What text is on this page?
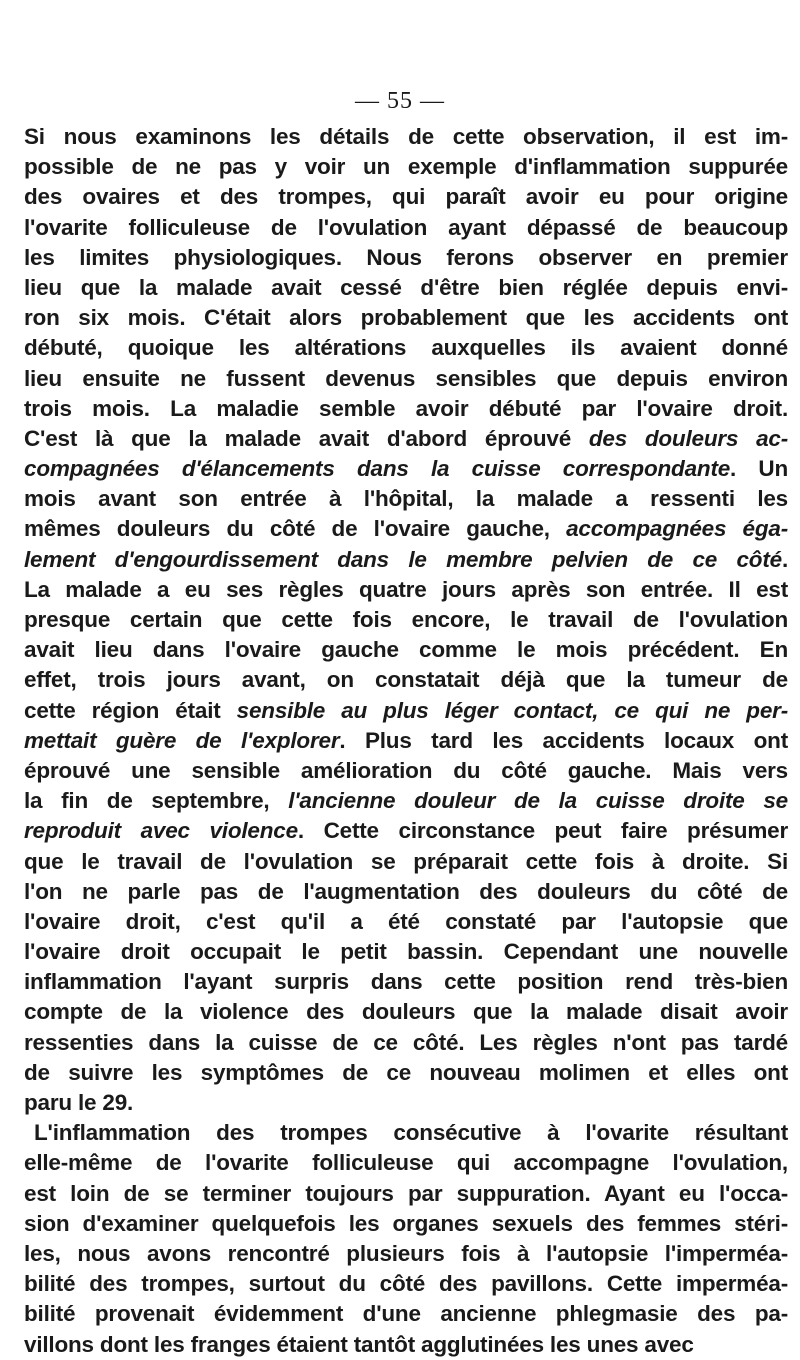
— 55 —
Si nous examinons les détails de cette observation, il est im-
possible de ne pas y voir un exemple d'inflammation suppurée
des ovaires et des trompes, qui paraît avoir eu pour origine
l'ovarite folliculeuse de l'ovulation ayant dépassé de beaucoup
les limites physiologiques. Nous ferons observer en premier
lieu que la malade avait cessé d'être bien réglée depuis envi-
ron six mois. C'était alors probablement que les accidents ont
débuté, quoique les altérations auxquelles ils avaient donné
lieu ensuite ne fussent devenus sensibles que depuis environ
trois mois. La maladie semble avoir débuté par l'ovaire droit.
C'est là que la malade avait d'abord éprouvé des douleurs ac-
compagnées d'élancements dans la cuisse correspondante. Un
mois avant son entrée à l'hôpital, la malade a ressenti les
mêmes douleurs du côté de l'ovaire gauche, accompagnées éga-
lement d'engourdissement dans le membre pelvien de ce côté.
La malade a eu ses règles quatre jours après son entrée. Il est
presque certain que cette fois encore, le travail de l'ovulation
avait lieu dans l'ovaire gauche comme le mois précédent. En
effet, trois jours avant, on constatait déjà que la tumeur de
cette région était sensible au plus léger contact, ce qui ne per-
mettait guère de l'explorer. Plus tard les accidents locaux ont
éprouvé une sensible amélioration du côté gauche. Mais vers
la fin de septembre, l'ancienne douleur de la cuisse droite se
reproduit avec violence. Cette circonstance peut faire présumer
que le travail de l'ovulation se préparait cette fois à droite. Si
l'on ne parle pas de l'augmentation des douleurs du côté de
l'ovaire droit, c'est qu'il a été constaté par l'autopsie que
l'ovaire droit occupait le petit bassin. Cependant une nouvelle
inflammation l'ayant surpris dans cette position rend très-bien
compte de la violence des douleurs que la malade disait avoir
ressenties dans la cuisse de ce côté. Les règles n'ont pas tardé
de suivre les symptômes de ce nouveau molimen et elles ont
paru le 29.
L'inflammation des trompes consécutive à l'ovarite résultant
elle-même de l'ovarite folliculeuse qui accompagne l'ovulation,
est loin de se terminer toujours par suppuration. Ayant eu l'occa-
sion d'examiner quelquefois les organes sexuels des femmes stéri-
les, nous avons rencontré plusieurs fois à l'autopsie l'imperméa-
bilité des trompes, surtout du côté des pavillons. Cette imperméa-
bilité provenait évidemment d'une ancienne phlegmasie des pa-
villons dont les franges étaient tantôt agglutinées les unes avec
